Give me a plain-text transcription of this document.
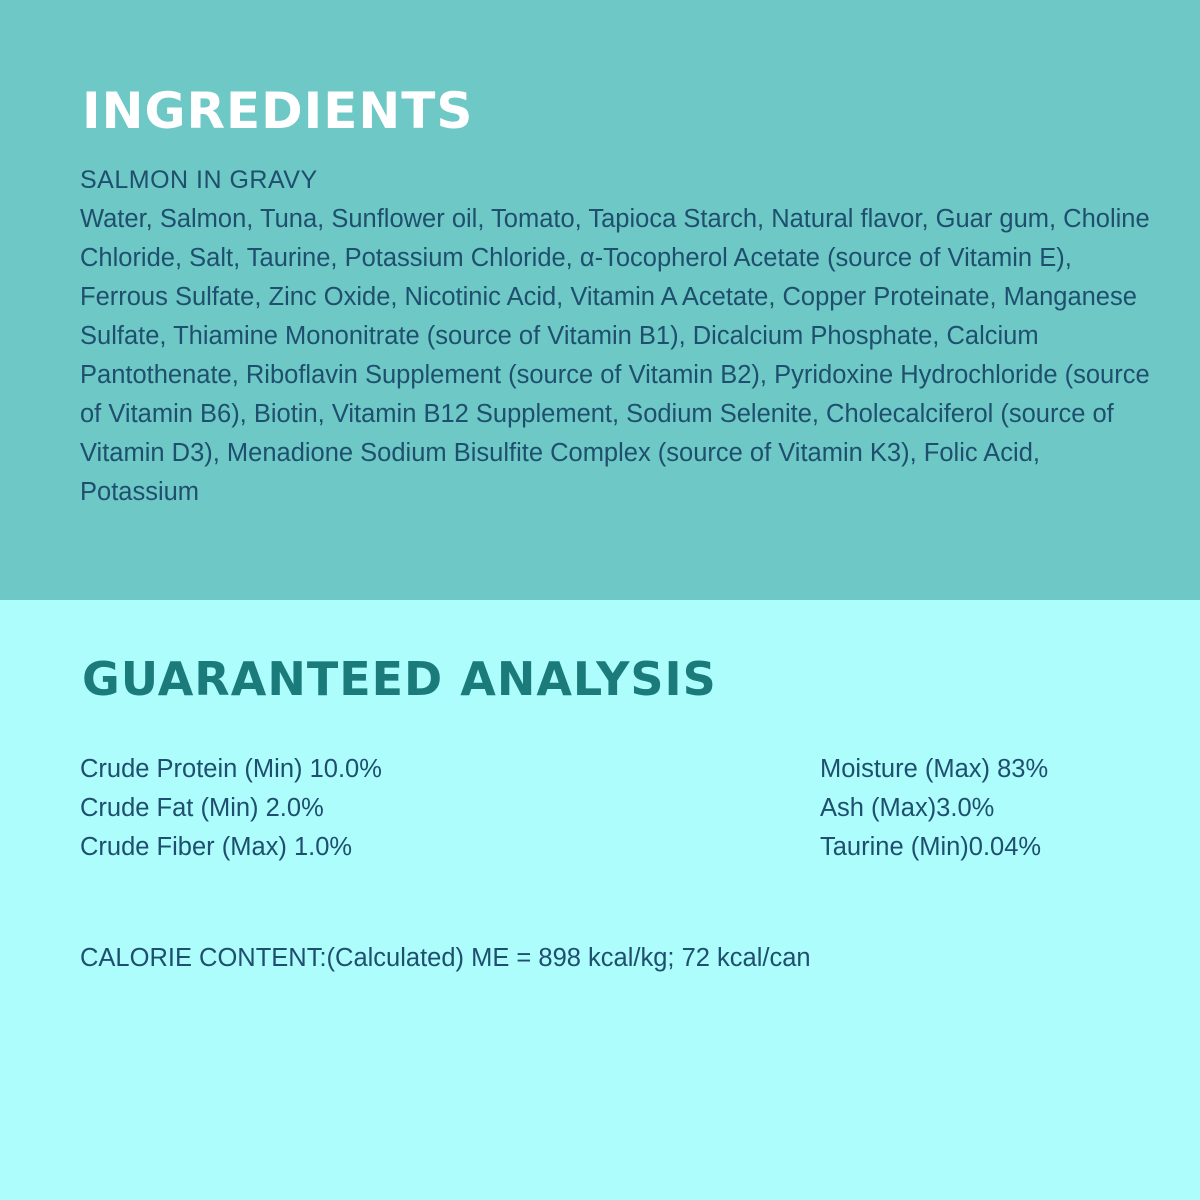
INGREDIENTS
SALMON IN GRAVY

Water, Salmon, Tuna, Sunflower oil, Tomato, Tapioca Starch, Natural flavor, Guar gum, Choline Chloride, Salt, Taurine, Potassium Chloride, α-Tocopherol Acetate (source of Vitamin E), Ferrous Sulfate, Zinc Oxide, Nicotinic Acid, Vitamin A Acetate, Copper Proteinate, Manganese Sulfate, Thiamine Mononitrate (source of Vitamin B1), Dicalcium Phosphate, Calcium Pantothenate, Riboflavin Supplement (source of Vitamin B2), Pyridoxine Hydrochloride (source of Vitamin B6), Biotin, Vitamin B12 Supplement, Sodium Selenite, Cholecalciferol (source of Vitamin D3), Menadione Sodium Bisulfite Complex (source of Vitamin K3), Folic Acid, Potassium

GUARANTEED ANALYSIS
Crude Protein (Min) 10.0%
Crude Fat (Min) 2.0%
Crude Fiber (Max) 1.0%
Moisture (Max) 83%
Ash (Max)3.0%
Taurine (Min)0.04%
CALORIE CONTENT:(Calculated) ME = 898 kcal/kg; 72 kcal/can
